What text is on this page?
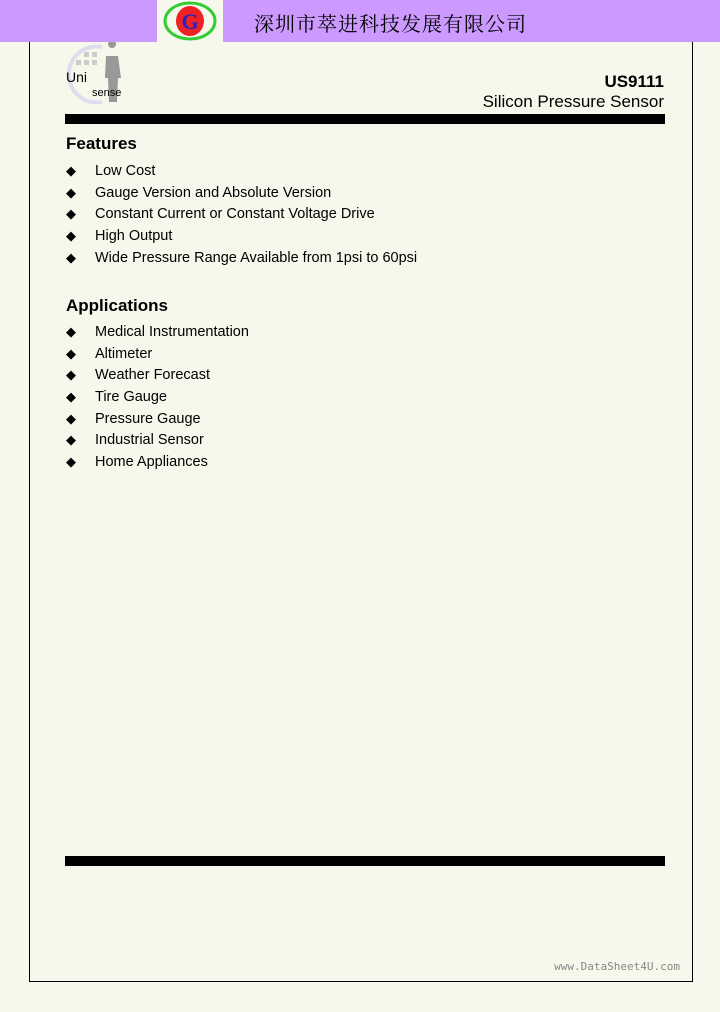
G	深圳市萃进科技发展有限公司
Uni
sense
US9111
Silicon Pressure Sensor
Features
◆	Low Cost
◆	Gauge Version and Absolute Version
◆	Constant Current or Constant Voltage Drive
◆	High Output
◆	Wide Pressure Range Available from 1psi to 60psi
Applications
◆	Medical Instrumentation
◆	Altimeter
◆	Weather Forecast
◆	Tire Gauge
◆	Pressure Gauge
◆	Industrial Sensor
◆	Home Appliances
www.DataSheet4U.com
